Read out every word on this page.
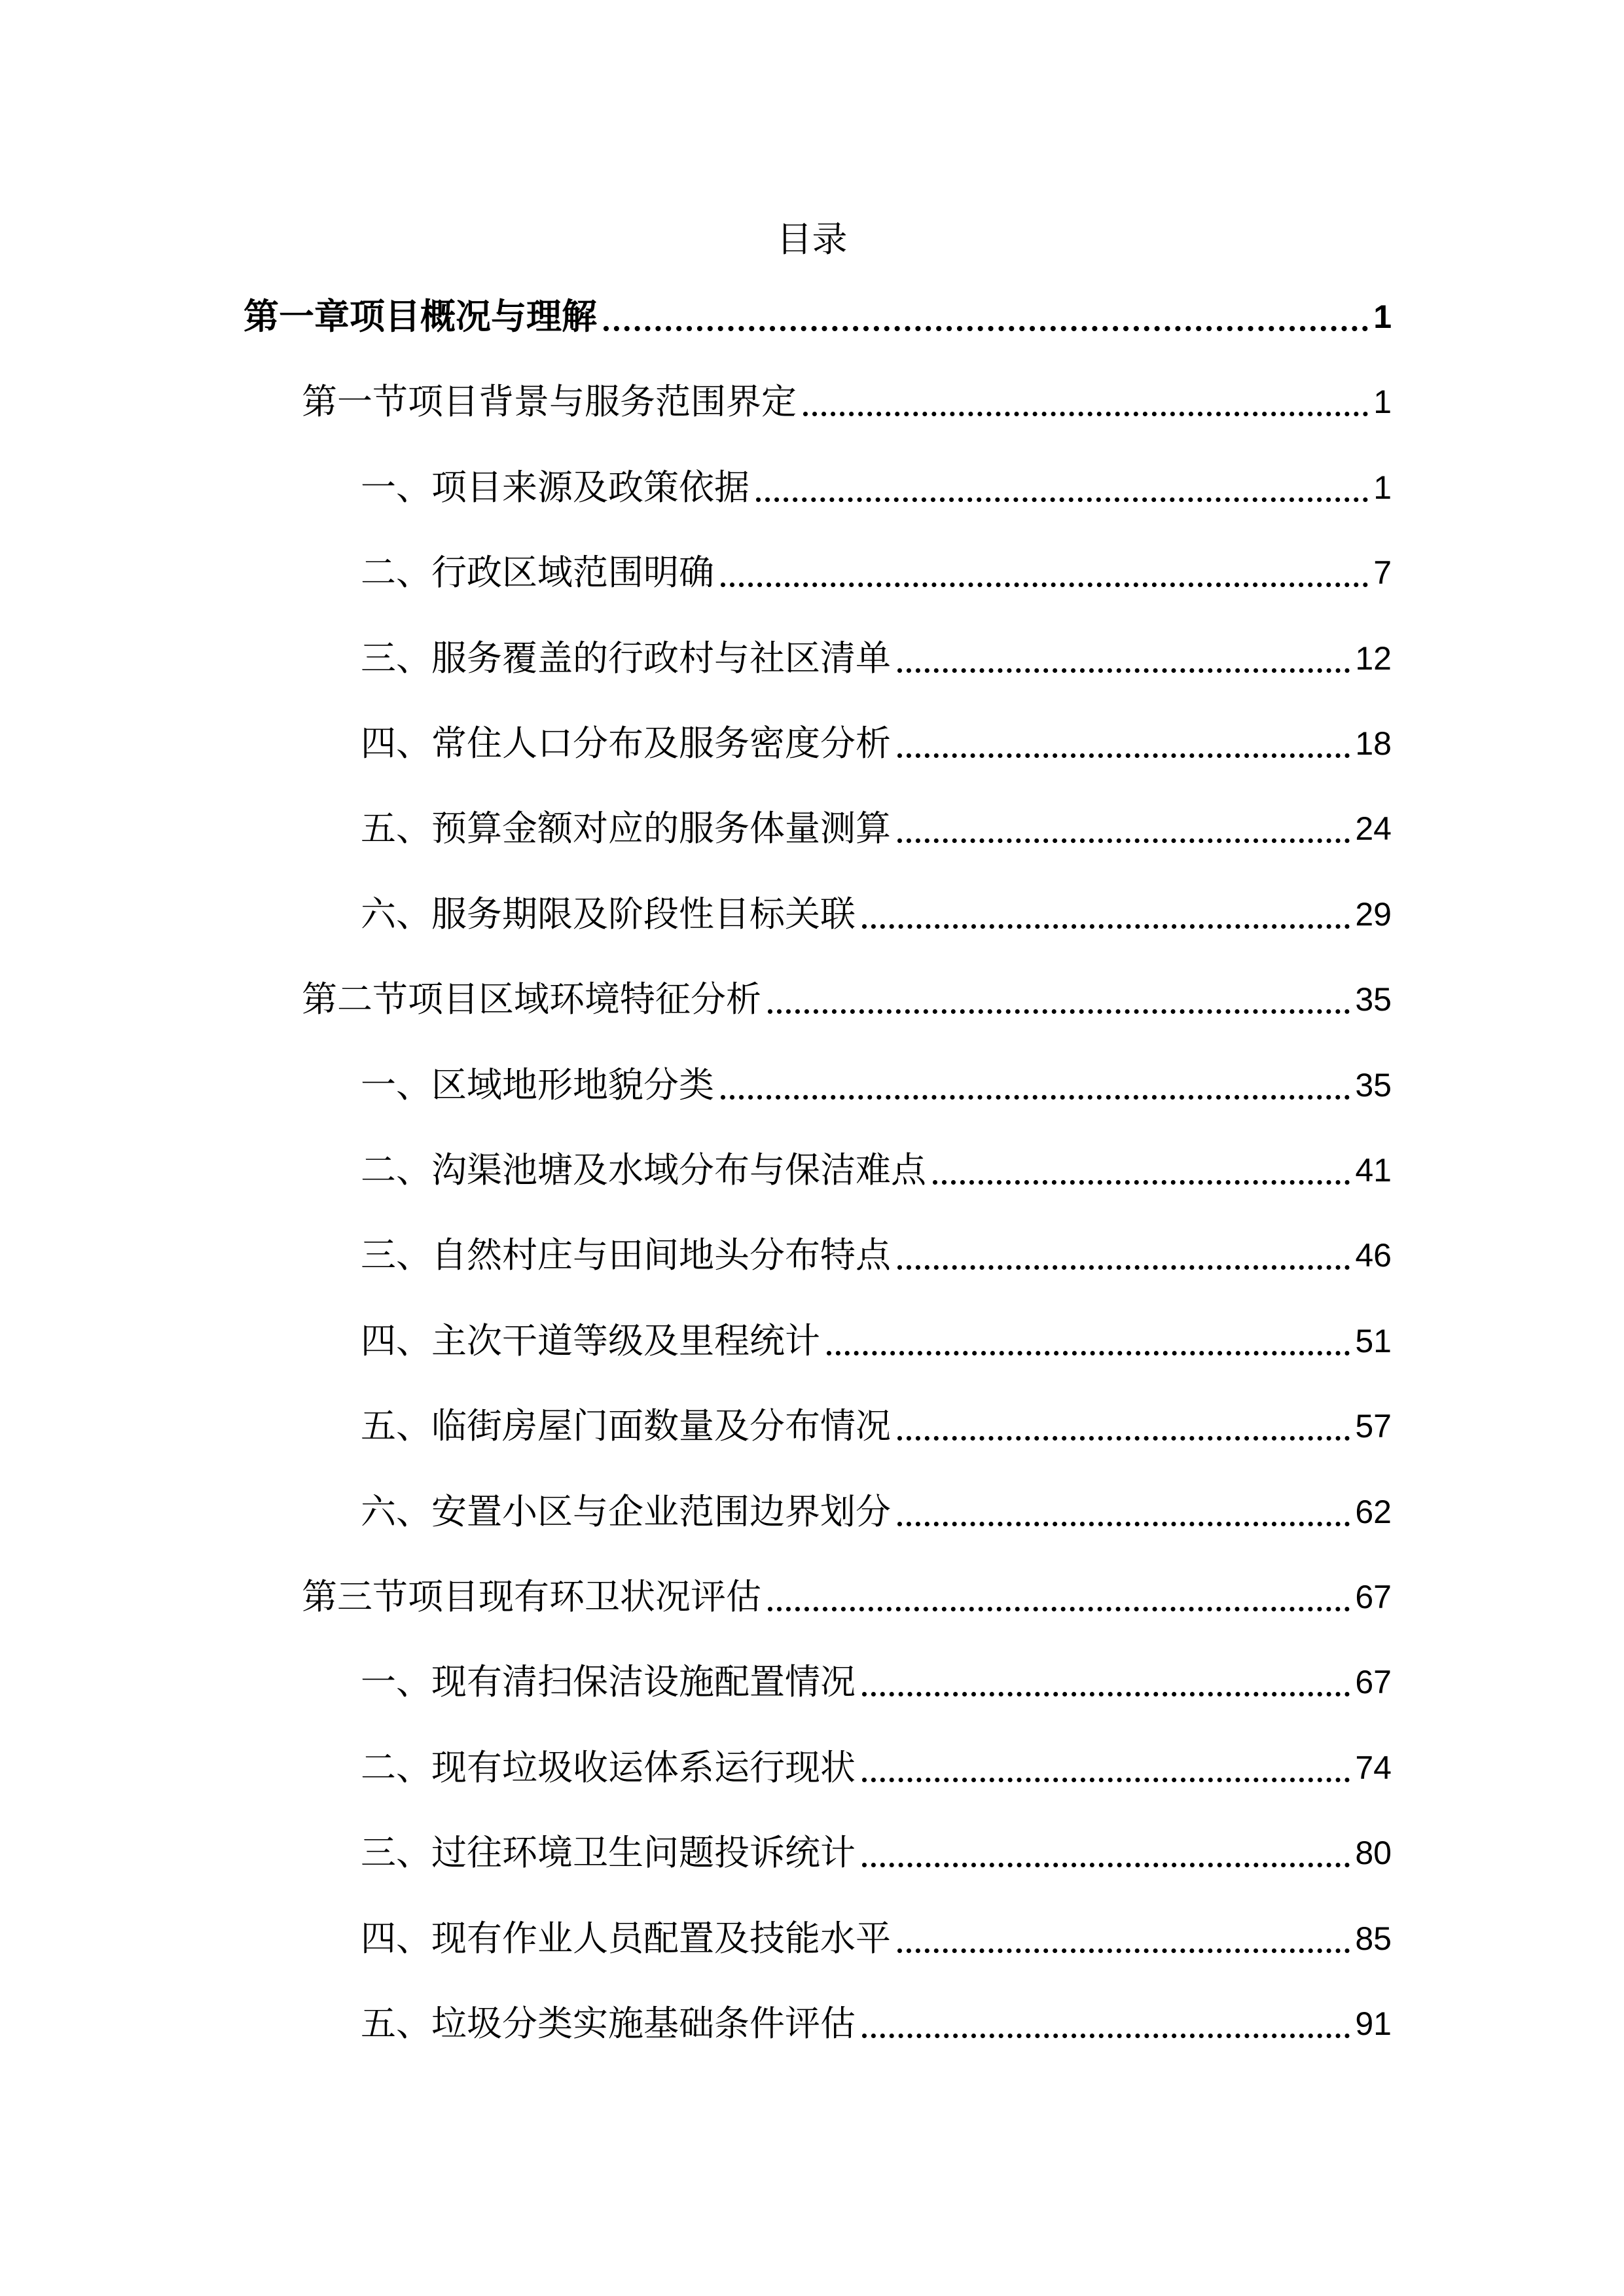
目录
第一章项目概况与理解	1
第一节项目背景与服务范围界定	1
一、项目来源及政策依据	1
二、行政区域范围明确	7
三、服务覆盖的行政村与社区清单	12
四、常住人口分布及服务密度分析	18
五、预算金额对应的服务体量测算	24
六、服务期限及阶段性目标关联	29
第二节项目区域环境特征分析	35
一、区域地形地貌分类	35
二、沟渠池塘及水域分布与保洁难点	41
三、自然村庄与田间地头分布特点	46
四、主次干道等级及里程统计	51
五、临街房屋门面数量及分布情况	57
六、安置小区与企业范围边界划分	62
第三节项目现有环卫状况评估	67
一、现有清扫保洁设施配置情况	67
二、现有垃圾收运体系运行现状	74
三、过往环境卫生问题投诉统计	80
四、现有作业人员配置及技能水平	85
五、垃圾分类实施基础条件评估	91
